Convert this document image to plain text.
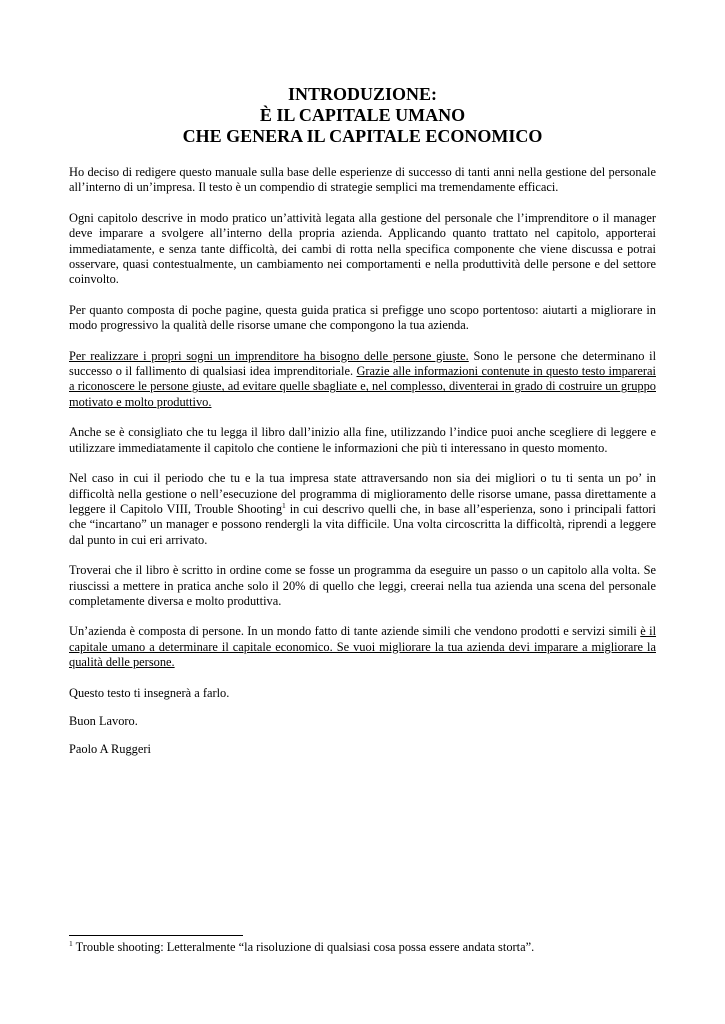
INTRODUZIONE:
È IL CAPITALE UMANO
CHE GENERA IL CAPITALE ECONOMICO

Ho deciso di redigere questo manuale sulla base delle esperienze di successo di tanti anni nella gestione del personale all’interno di un’impresa. Il testo è un compendio di strategie semplici ma tremendamente efficaci.

Ogni capitolo descrive in modo pratico un’attività legata alla gestione del personale che l’imprenditore o il manager deve imparare a svolgere all’interno della propria azienda. Applicando quanto trattato nel capitolo, apporterai immediatamente, e senza tante difficoltà, dei cambi di rotta nella specifica componente che viene discussa e potrai osservare, quasi contestualmente, un cambiamento nei comportamenti e nella produttività delle persone e del settore coinvolto.

Per quanto composta di poche pagine, questa guida pratica si prefigge uno scopo portentoso: aiutarti a migliorare in modo progressivo la qualità delle risorse umane che compongono la tua azienda.

Per realizzare i propri sogni un imprenditore ha bisogno delle persone giuste. Sono le persone che determinano il successo o il fallimento di qualsiasi idea imprenditoriale. Grazie alle informazioni contenute in questo testo imparerai a riconoscere le persone giuste, ad evitare quelle sbagliate e, nel complesso, diventerai in grado di costruire un gruppo motivato e molto produttivo.

Anche se è consigliato che tu legga il libro dall’inizio alla fine, utilizzando l’indice puoi anche scegliere di leggere e utilizzare immediatamente il capitolo che contiene le informazioni che più ti interessano in questo momento.

Nel caso in cui il periodo che tu e la tua impresa state attraversando non sia dei migliori o tu ti senta un po’ in difficoltà nella gestione o nell’esecuzione del programma di miglioramento delle risorse umane, passa direttamente a leggere il Capitolo VIII, Trouble Shooting$^1$ in cui descrivo quelli che, in base all’esperienza, sono i principali fattori che “incartano” un manager e possono rendergli la vita difficile. Una volta circoscritta la difficoltà, riprendi a leggere dal punto in cui eri arrivato.

Troverai che il libro è scritto in ordine come se fosse un programma da eseguire un passo o un capitolo alla volta. Se riuscissi a mettere in pratica anche solo il 20% di quello che leggi, creerai nella tua azienda una scena del personale completamente diversa e molto produttiva.

Un’azienda è composta di persone. In un mondo fatto di tante aziende simili che vendono prodotti e servizi simili è il capitale umano a determinare il capitale economico. Se vuoi migliorare la tua azienda devi imparare a migliorare la qualità delle persone.

Questo testo ti insegnerà a farlo.

Buon Lavoro.

Paolo A Ruggeri

$^1$ Trouble shooting: Letteralmente “la risoluzione di qualsiasi cosa possa essere andata storta”.
